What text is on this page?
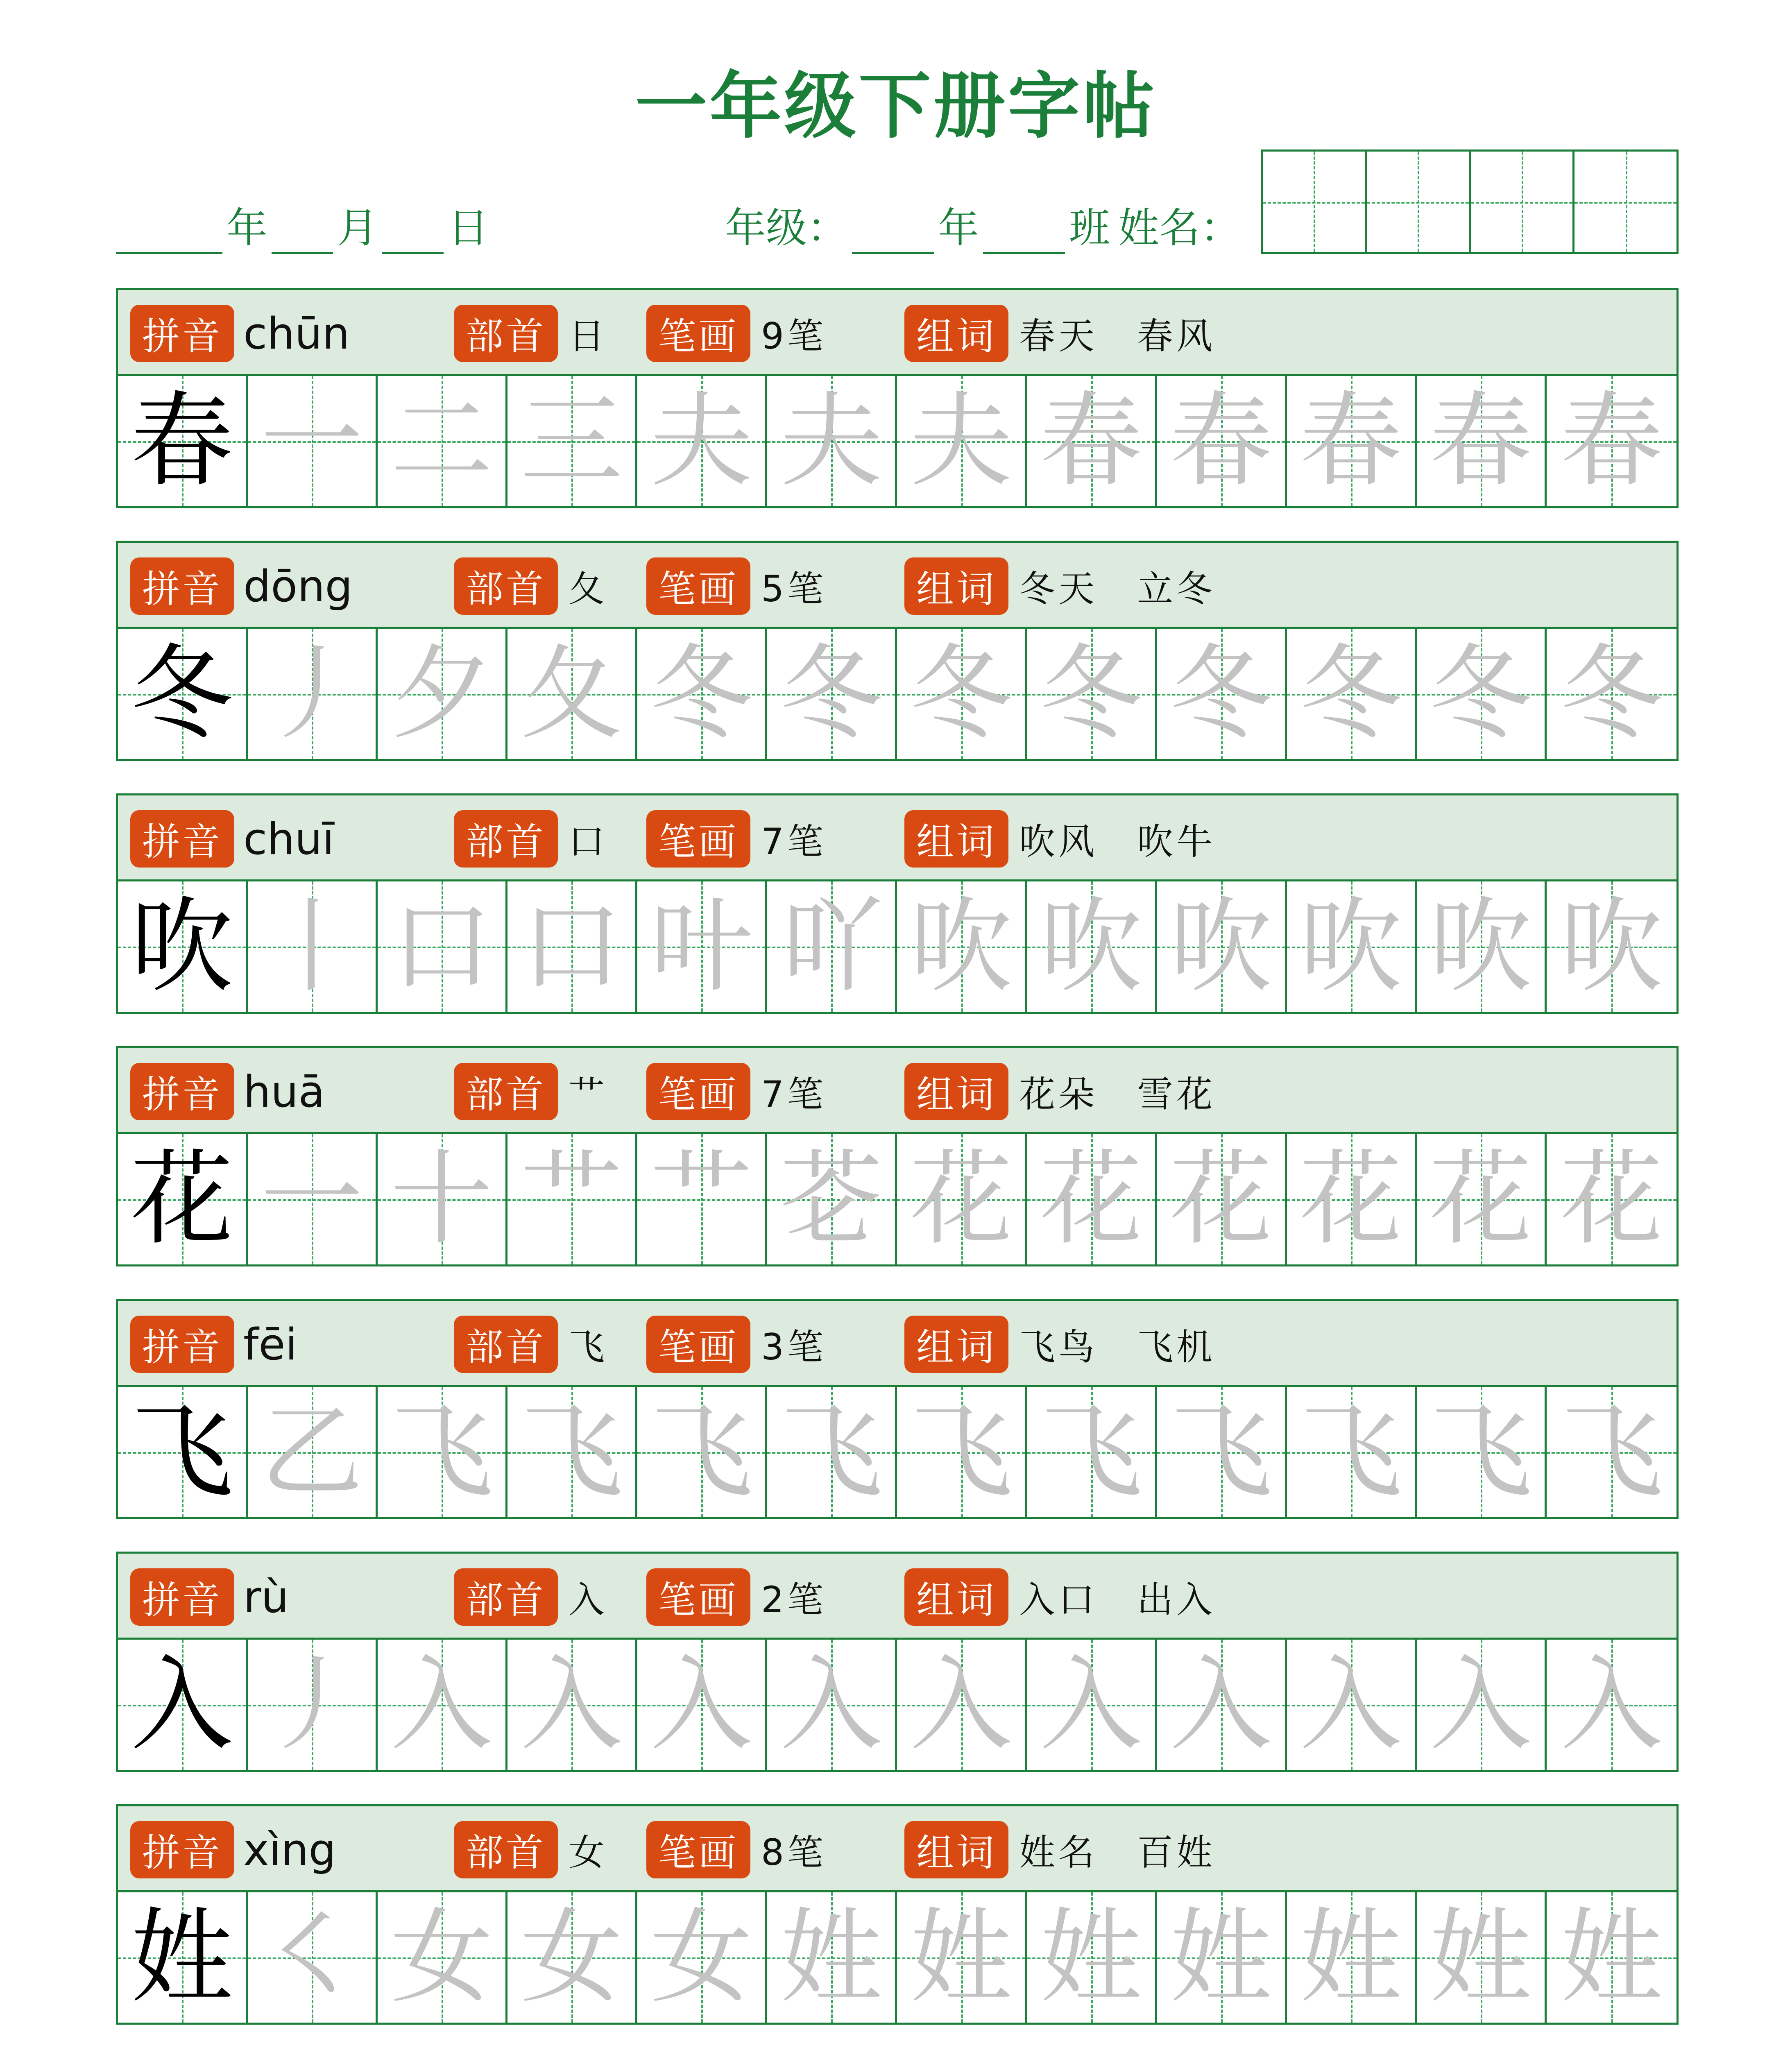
一年级下册字帖
年 月 日	年级： 年 班 姓名：
拼音 chūn	部首 日	笔画 9笔	组词 春天　春风
春 一 二 三 夫 夫 夫 春 春 春 春 春
拼音 dōng	部首 夂	笔画 5笔	组词 冬天　立冬
冬 丿 夕 夂 冬 冬 冬 冬 冬 冬 冬 冬
拼音 chuī	部首 口	笔画 7笔	组词 吹风　吹牛
吹 丨 口 口 叶 吖 吹 吹 吹 吹 吹 吹
拼音 huā	部首 艹	笔画 7笔	组词 花朵　雪花
花 一 十 艹 艹 芲 花 花 花 花 花 花
拼音 fēi	部首 飞	笔画 3笔	组词 飞鸟　飞机
飞 乙 飞 飞 飞 飞 飞 飞 飞 飞 飞 飞
拼音 rù	部首 入	笔画 2笔	组词 入口　出入
入 丿 入 入 入 入 入 入 入 入 入 入
拼音 xìng	部首 女	笔画 8笔	组词 姓名　百姓
姓 ㇛ 女 女 女 姓 姓 姓 姓 姓 姓 姓
